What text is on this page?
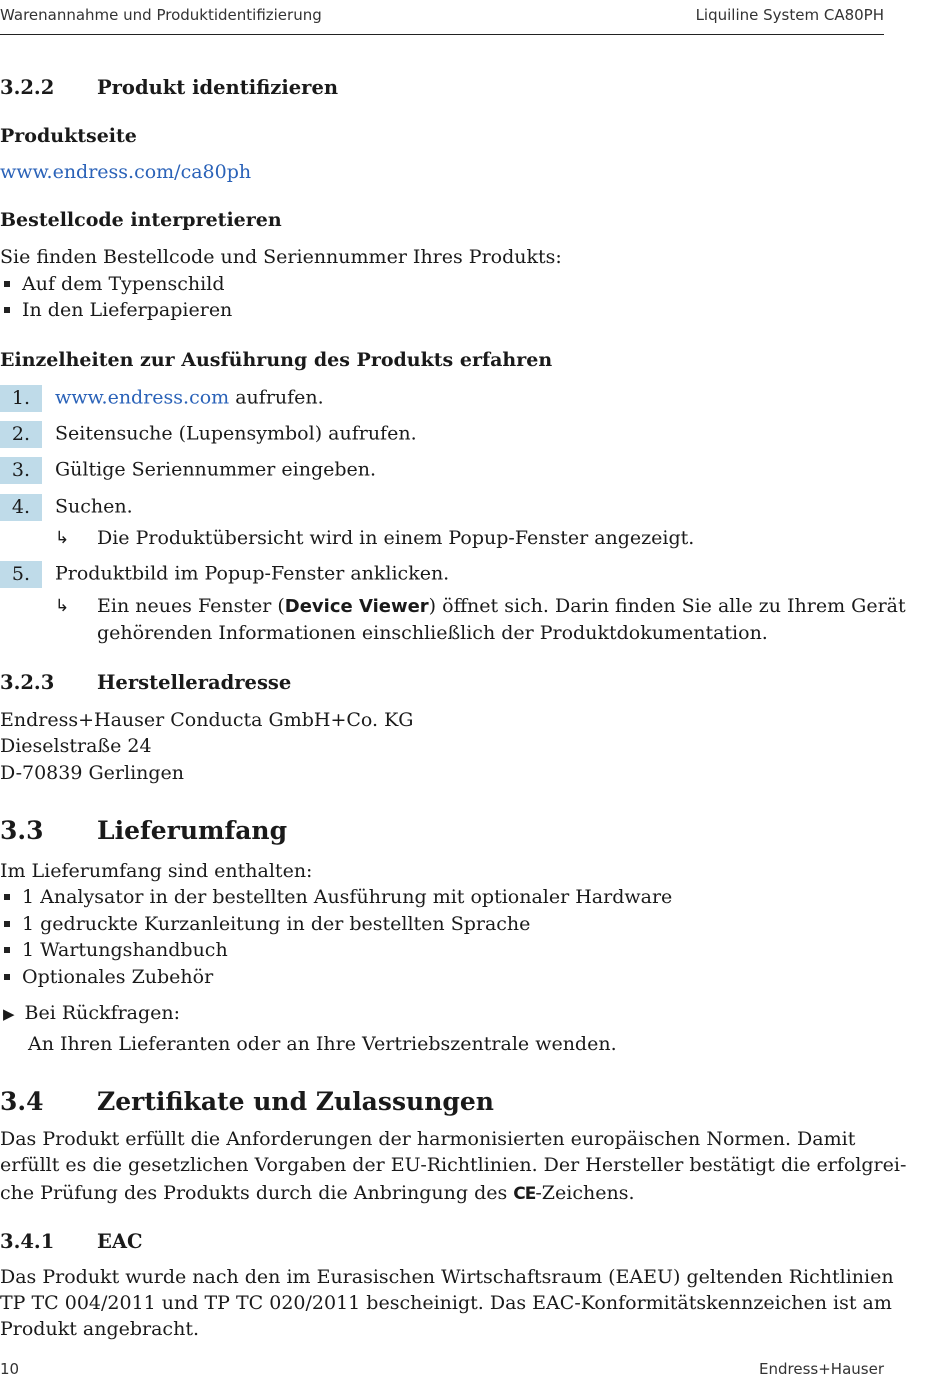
Warenannahme und Produktidentifizierung	Liquiline System CA80PH
3.2.2 Produkt identifizieren
Produktseite
www.endress.com/ca80ph
Bestellcode interpretieren
Sie finden Bestellcode und Seriennummer Ihres Produkts:
Auf dem Typenschild
In den Lieferpapieren
Einzelheiten zur Ausführung des Produkts erfahren
1. www.endress.com aufrufen.
2. Seitensuche (Lupensymbol) aufrufen.
3. Gültige Seriennummer eingeben.
4. Suchen.
↳ Die Produktübersicht wird in einem Popup-Fenster angezeigt.
5. Produktbild im Popup-Fenster anklicken.
↳ Ein neues Fenster (Device Viewer) öffnet sich. Darin finden Sie alle zu Ihrem Gerät
gehörenden Informationen einschließlich der Produktdokumentation.
3.2.3 Herstelleradresse
Endress+Hauser Conducta GmbH+Co. KG
Dieselstraße 24
D-70839 Gerlingen
3.3 Lieferumfang
Im Lieferumfang sind enthalten:
1 Analysator in der bestellten Ausführung mit optionaler Hardware
1 gedruckte Kurzanleitung in der bestellten Sprache
1 Wartungshandbuch
Optionales Zubehör
▶ Bei Rückfragen:
An Ihren Lieferanten oder an Ihre Vertriebszentrale wenden.
3.4 Zertifikate und Zulassungen
Das Produkt erfüllt die Anforderungen der harmonisierten europäischen Normen. Damit
erfüllt es die gesetzlichen Vorgaben der EU-Richtlinien. Der Hersteller bestätigt die erfolgrei-
che Prüfung des Produkts durch die Anbringung des CE-Zeichens.
3.4.1 EAC
Das Produkt wurde nach den im Eurasischen Wirtschaftsraum (EAEU) geltenden Richtlinien
TP TC 004/2011 und TP TC 020/2011 bescheinigt. Das EAC-Konformitätskennzeichen ist am
Produkt angebracht.
10	Endress+Hauser
